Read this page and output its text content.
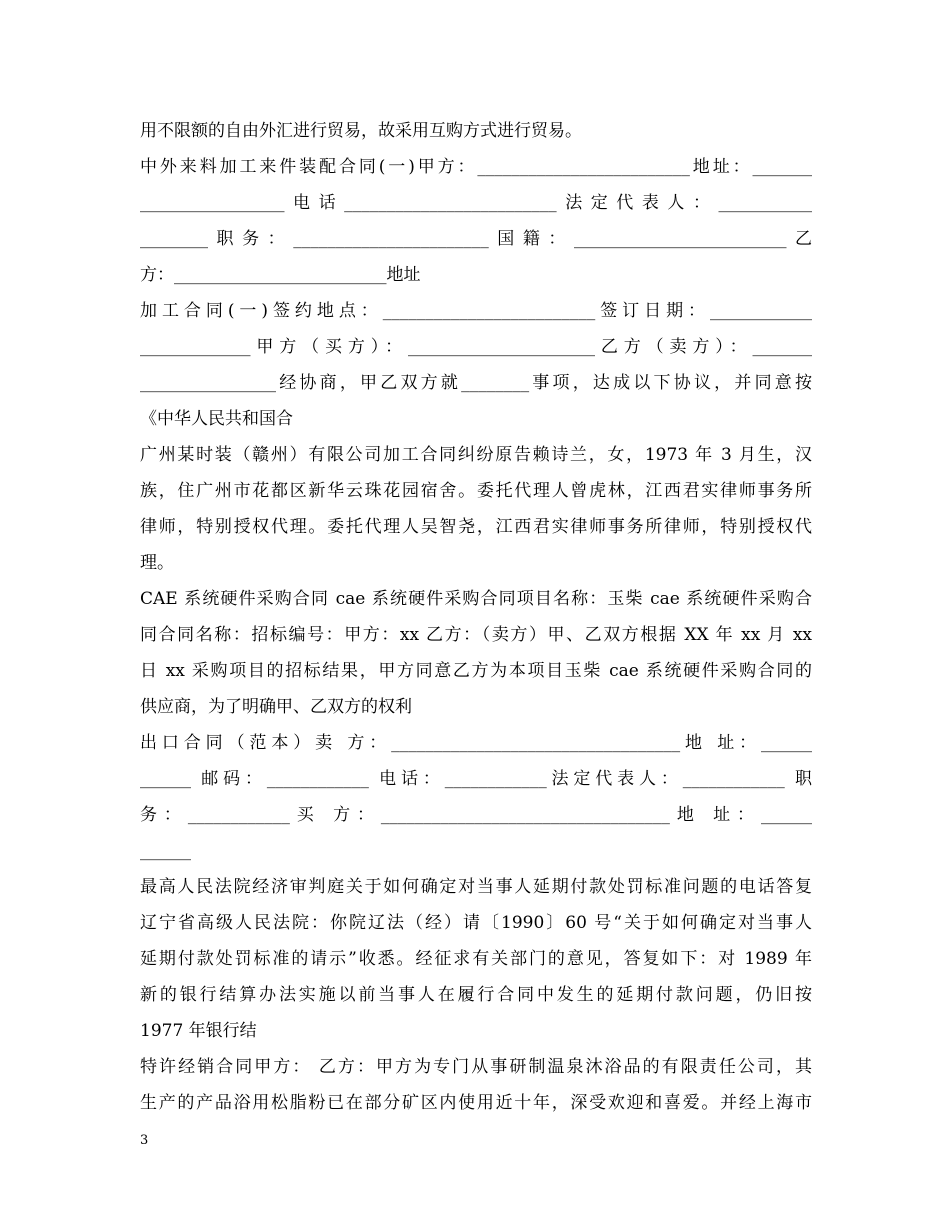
用不限额的自由外汇进行贸易，故采用互购方式进行贸易。
中外来料加工来件装配合同(一)甲方：_________________________地址：_______
_________________电话_________________________法定代表人：___________
________职务：_______________________国籍：_________________________乙
方：_________________________地址
加工合同(一)签约地点：_________________________签订日期：____________
_____________甲方（买方）：______________________乙方（卖方）：_______
________________经协商，甲乙双方就________事项，达成以下协议，并同意按
《中华人民共和国合
广州某时装（赣州）有限公司加工合同纠纷原告赖诗兰，女，1973 年 3 月生，汉
族，住广州市花都区新华云珠花园宿舍。委托代理人曾虎林，江西君实律师事务所
律师，特别授权代理。委托代理人吴智尧，江西君实律师事务所律师，特别授权代
理。
CAE 系统硬件采购合同 cae 系统硬件采购合同项目名称：玉柴 cae 系统硬件采购合
同合同名称：招标编号：甲方：xx 乙方：（卖方）甲、乙双方根据 XX 年 xx 月 xx
日 xx 采购项目的招标结果，甲方同意乙方为本项目玉柴 cae 系统硬件采购合同的
供应商，为了明确甲、乙双方的权利
出口合同（范本）卖 方：__________________________________地 址：______
______ 邮码：____________ 电话：____________法定代表人：____________ 职
务：____________买 方：__________________________________地 址：______
______
最高人民法院经济审判庭关于如何确定对当事人延期付款处罚标准问题的电话答复
辽宁省高级人民法院：你院辽法（经）请〔1990〕60 号“关于如何确定对当事人
延期付款处罚标准的请示”收悉。经征求有关部门的意见，答复如下：对 1989 年
新的银行结算办法实施以前当事人在履行合同中发生的延期付款问题，仍旧按
1977 年银行结
特许经销合同甲方： 乙方：甲方为专门从事研制温泉沐浴品的有限责任公司，其
生产的产品浴用松脂粉已在部分矿区内使用近十年，深受欢迎和喜爱。并经上海市
3
